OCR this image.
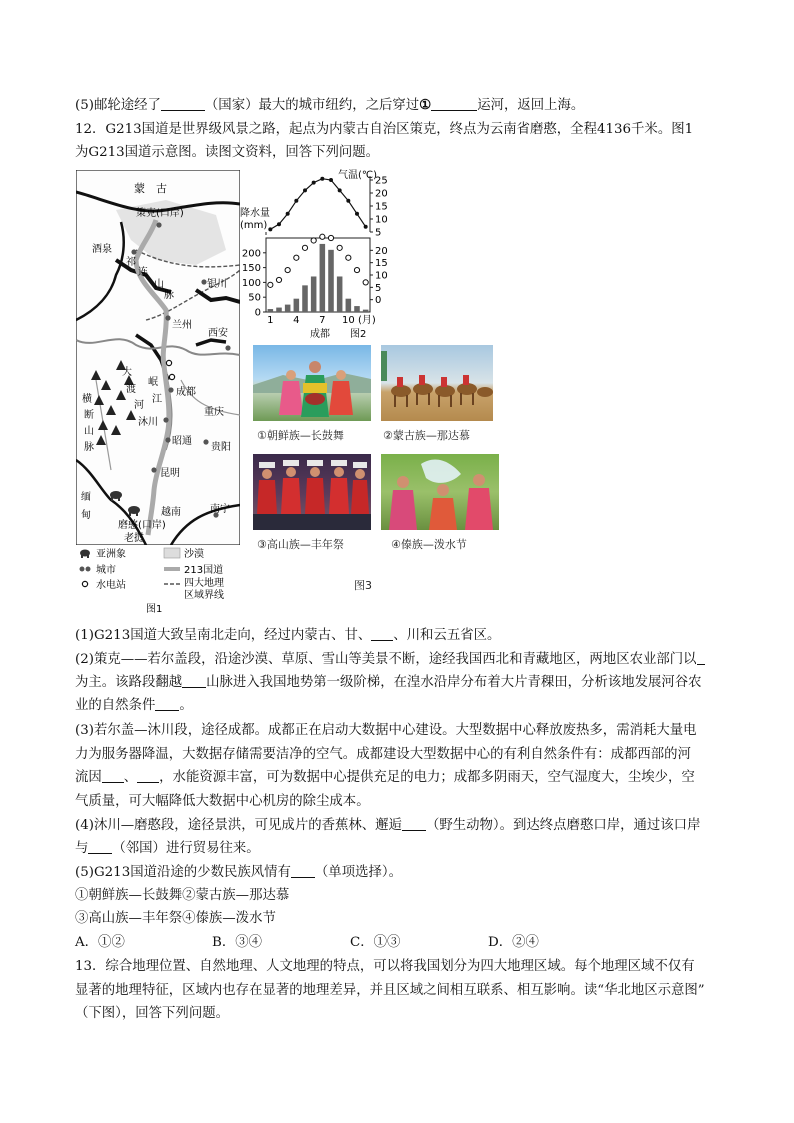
(5)邮轮途经了	（国家）最大的城市纽约，之后穿过①	运河，返回上海。
12．G213国道是世界级风景之路，起点为内蒙古自治区策克，终点为云南省磨憨，全程4136千米。图1
为G213国道示意图。读图文资料，回答下列问题。
蒙　古
策克(口岸)
酒泉
祁
连
山
脉
银川
兰州
西安
大
渡
河
岷
江
成都
重庆
横
断
山
脉
沐川
昭通
贵阳
昆明
缅
甸	越南	南宁
磨憨(口岸)
老挝
亚洲象	沙漠
城市	213国道
水电站	四大地理
区域界线
图1
气温(℃)
降水量
(mm)
5
10
15
20
25
0
50
100
150
200
0
5
10
15
20
1 4 7 10
成都 图2
(月)
①朝鲜族—长鼓舞	②蒙古族—那达慕
③高山族—丰年祭	④傣族—泼水节
图3
(1)G213国道大致呈南北走向，经过内蒙古、甘、 、川和云五省区。
(2)策克——若尔盖段，沿途沙漠、草原、雪山等美景不断，途经我国西北和青藏地区，两地区农业部门以
为主。该路段翻越 山脉进入我国地势第一级阶梯，在湟水沿岸分布着大片青稞田，分析该地发展河谷农
业的自然条件 。
(3)若尔盖—沐川段，途径成都。成都正在启动大数据中心建设。大型数据中心释放废热多，需消耗大量电
力为服务器降温，大数据存储需要洁净的空气。成都建设大型数据中心的有利自然条件有：成都西部的河
流因 、 ，水能资源丰富，可为数据中心提供充足的电力；成都多阴雨天，空气湿度大，尘埃少，空
气质量，可大幅降低大数据中心机房的除尘成本。
(4)沐川—磨憨段，途径景洪，可见成片的香蕉林、邂逅 （野生动物）。到达终点磨憨口岸，通过该口岸
与 （邻国）进行贸易往来。
(5)G213国道沿途的少数民族风情有 （单项选择）。
①朝鲜族—长鼓舞②蒙古族—那达慕
③高山族—丰年祭④傣族—泼水节
A．①②	B．③④	C．①③	D．②④
13．综合地理位置、自然地理、人文地理的特点，可以将我国划分为四大地理区域。每个地理区域不仅有
显著的地理特征，区域内也存在显著的地理差异，并且区域之间相互联系、相互影响。读“华北地区示意图”
（下图），回答下列问题。
